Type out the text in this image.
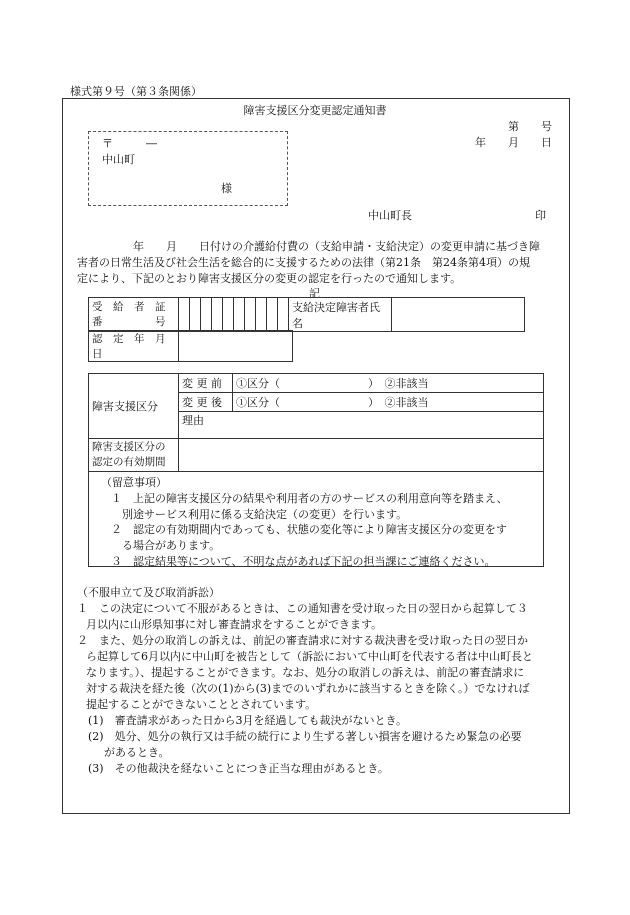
様式第９号（第３条関係）
障害支援区分変更認定通知書
第　　号
年　　月　　日
〒　　　―
中山町
様
中山町長	印
年　　月　　日付けの介護給付費の（支給申請・支給決定）の変更申請に基づき障
害者の日常生活及び社会生活を総合的に支援するための法律（第21条　第24条第4項）の規
定により、下記のとおり障害支援区分の変更の認定を行ったので通知します。
記
受　給　者　証
番　　　　　号
											支給決定障害者氏名	
認　定　年　月　日	
障害支援区分	変 更 前	①区分（　　　　　　　　）　②非該当
	変 更 後	①区分（　　　　　　　　）　②非該当
	理由	

障害支援区分の
認定の有効期間		

（留意事項）
１　上記の障害支援区分の結果や利用者の方のサービスの利用意向等を踏まえ、
別途サービス利用に係る支給決定（の変更）を行います。
２　認定の有効期間内であっても、状態の変化等により障害支援区分の変更をす
る場合があります。
３　認定結果等について、不明な点があれば下記の担当課にご連絡ください。
（不服申立て及び取消訴訟）
１　この決定について不服があるときは、この通知書を受け取った日の翌日から起算して３
月以内に山形県知事に対し審査請求をすることができます。
２　また、処分の取消しの訴えは、前記の審査請求に対する裁決書を受け取った日の翌日か
ら起算して6月以内に中山町を被告として（訴訟において中山町を代表する者は中山町長と
なります。）、提起することができます。なお、処分の取消しの訴えは、前記の審査請求に
対する裁決を経た後（次の(1)から(3)までのいずれかに該当するときを除く。）でなければ
提起することができないこととされています。
(1)　審査請求があった日から3月を経過しても裁決がないとき。
(2)　処分、処分の執行又は手続の続行により生ずる著しい損害を避けるため緊急の必要
があるとき。
(3)　その他裁決を経ないことにつき正当な理由があるとき。
